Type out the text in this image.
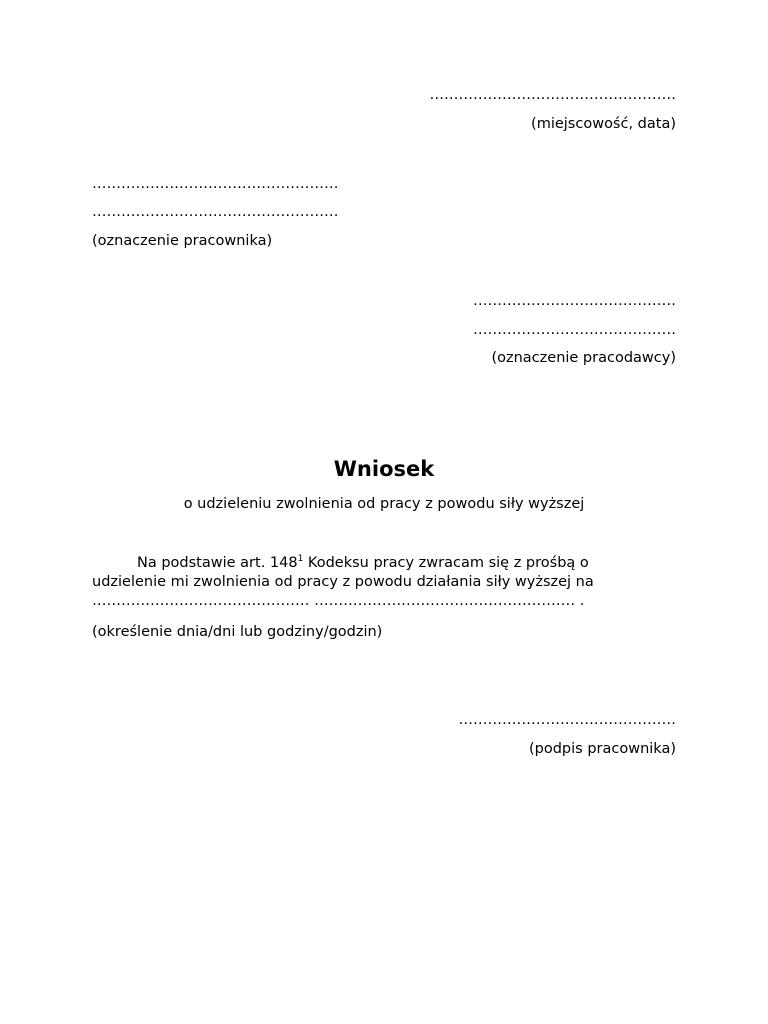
……………………………………………
(miejscowość, data)
……………………………………………
……………………………………………
(oznaczenie pracownika)
……………………………………
……………………………………
(oznaczenie pracodawcy)
Wniosek
o udzieleniu zwolnienia od pracy z powodu siły wyższej
Na podstawie art. $148^1$ Kodeksu pracy zwracam się z prośbą o
udzielenie mi zwolnienia od pracy z powodu działania siły wyższej na
……………………………………… ……………………………………………… .
(określenie dnia/dni lub godziny/godzin)
………………………………………
(podpis pracownika)
